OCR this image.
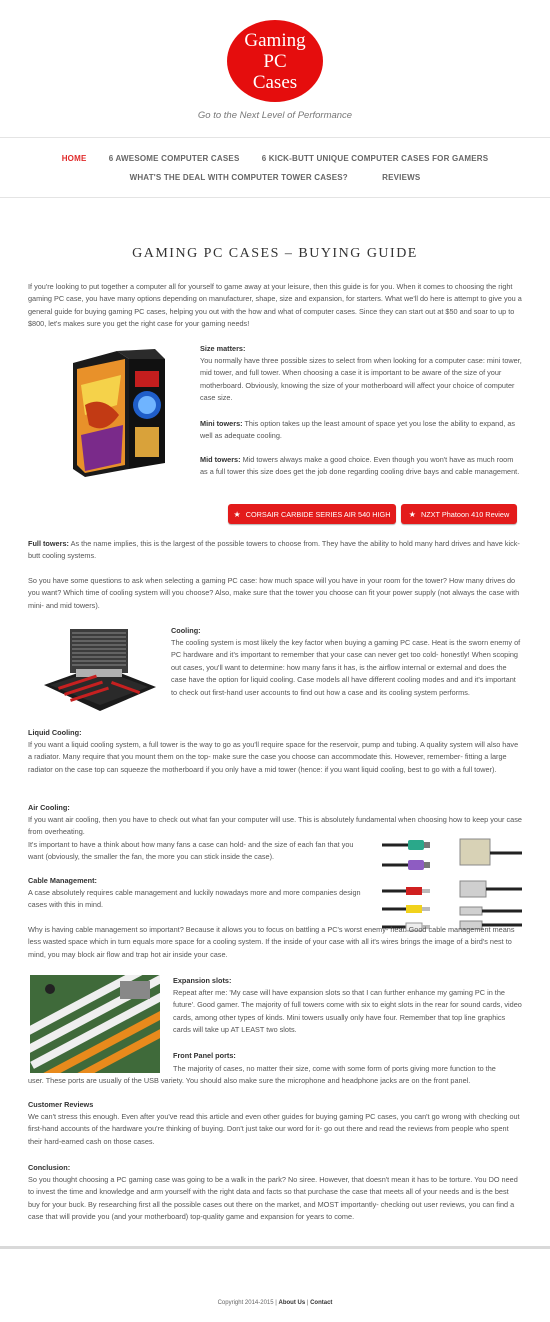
Gaming
PC
Cases
Go to the Next Level of Performance
HOME	6 AWESOME COMPUTER CASES	6 KICK-BUTT UNIQUE COMPUTER CASES FOR GAMERS
WHAT'S THE DEAL WITH COMPUTER TOWER CASES?	REVIEWS
GAMING PC CASES – BUYING GUIDE

If you're looking to put together a computer all for yourself to game away at your leisure, then this guide is for you. When it comes to choosing the right gaming PC case, you have many options depending on manufacturer, shape, size and expansion, for starters. What we'll do here is attempt to give you a general guide for buying gaming PC cases, helping you out with the how and what of computer cases. Since they can start out at $50 and soar to up to $800, let's makes sure you get the right case for your gaming needs!

Size matters:

You normally have three possible sizes to select from when looking for a computer case: mini tower, mid tower, and full tower. When choosing a case it is important to be aware of the size of your motherboard. Obviously, knowing the size of your motherboard will affect your choice of computer case size.

Mini towers: This option takes up the least amount of space yet you lose the ability to expand, as well as adequate cooling.

Mid towers: Mid towers always make a good choice. Even though you won't have as much room as a full tower this size does get the job done regarding cooling drive bays and cable management.

★ CORSAIR CARBIDE SERIES AIR 540 HIGH ★ NZXT Phatoon 410 Review

Full towers: As the name implies, this is the largest of the possible towers to choose from. They have the ability to hold many hard drives and have kick-butt cooling systems.

So you have some questions to ask when selecting a gaming PC case: how much space will you have in your room for the tower? How many drives do you want? Which time of cooling system will you choose? Also, make sure that the tower you choose can fit your power supply (not always the case with mini- and mid towers).

Cooling:

The cooling system is most likely the key factor when buying a gaming PC case. Heat is the sworn enemy of PC hardware and it's important to remember that your case can never get too cold- honestly! When scoping out cases, you'll want to determine: how many fans it has, is the airflow internal or external and does the case have the option for liquid cooling. Case models all have different cooling modes and and it's important to check out first-hand user accounts to find out how a case and its cooling system performs.

Liquid Cooling:

If you want a liquid cooling system, a full tower is the way to go as you'll require space for the reservoir, pump and tubing. A quality system will also have a radiator. Many require that you mount them on the top- make sure the case you choose can accommodate this. However, remember- fitting a large radiator on the case top can squeeze the motherboard if you only have a mid tower (hence: if you want liquid cooling, best to go with a full tower).

Air Cooling:

If you want air cooling, then you have to check out what fan your computer will use. This is absolutely fundamental when choosing how to keep your case from overheating.

It's important to have a think about how many fans a case can hold- and the size of each fan that you want (obviously, the smaller the fan, the more you can stick inside the case).

Cable Management:

A case absolutely requires cable management and luckily nowadays more and more companies design cases with this in mind.

Why is having cable management so important? Because it allows you to focus on battling a PC's worst enemy- heat. Good cable management means less wasted space which in turn equals more space for a cooling system. If the inside of your case with all it's wires brings the image of a bird's nest to mind, you may block air flow and trap hot air inside your case.

Expansion slots:

Repeat after me: 'My case will have expansion slots so that I can further enhance my gaming PC in the future'. Good gamer. The majority of full towers come with six to eight slots in the rear for sound cards, video cards, among other types of kinds. Mini towers usually only have four. Remember that top line graphics cards will take up AT LEAST two slots.

Front Panel ports:

The majority of cases, no matter their size, come with some form of ports giving more function to the

user. These ports are usually of the USB variety. You should also make sure the microphone and headphone jacks are on the front panel.

Customer Reviews

We can't stress this enough. Even after you've read this article and even other guides for buying gaming PC cases, you can't go wrong with checking out first-hand accounts of the hardware you're thinking of buying. Don't just take our word for it- go out there and read the reviews from people who spent their hard-earned cash on those cases.

Conclusion:

So you thought choosing a PC gaming case was going to be a walk in the park? No siree. However, that doesn't mean it has to be torture. You DO need to invest the time and knowledge and arm yourself with the right data and facts so that purchase the case that meets all of your needs and is the best buy for your buck. By researching first all the possible cases out there on the market, and MOST importantly- checking out user reviews, you can find a case that will provide you (and your motherboard) top-quality game and expansion for years to come.

Copyright 2014-2015 | About Us | Contact
